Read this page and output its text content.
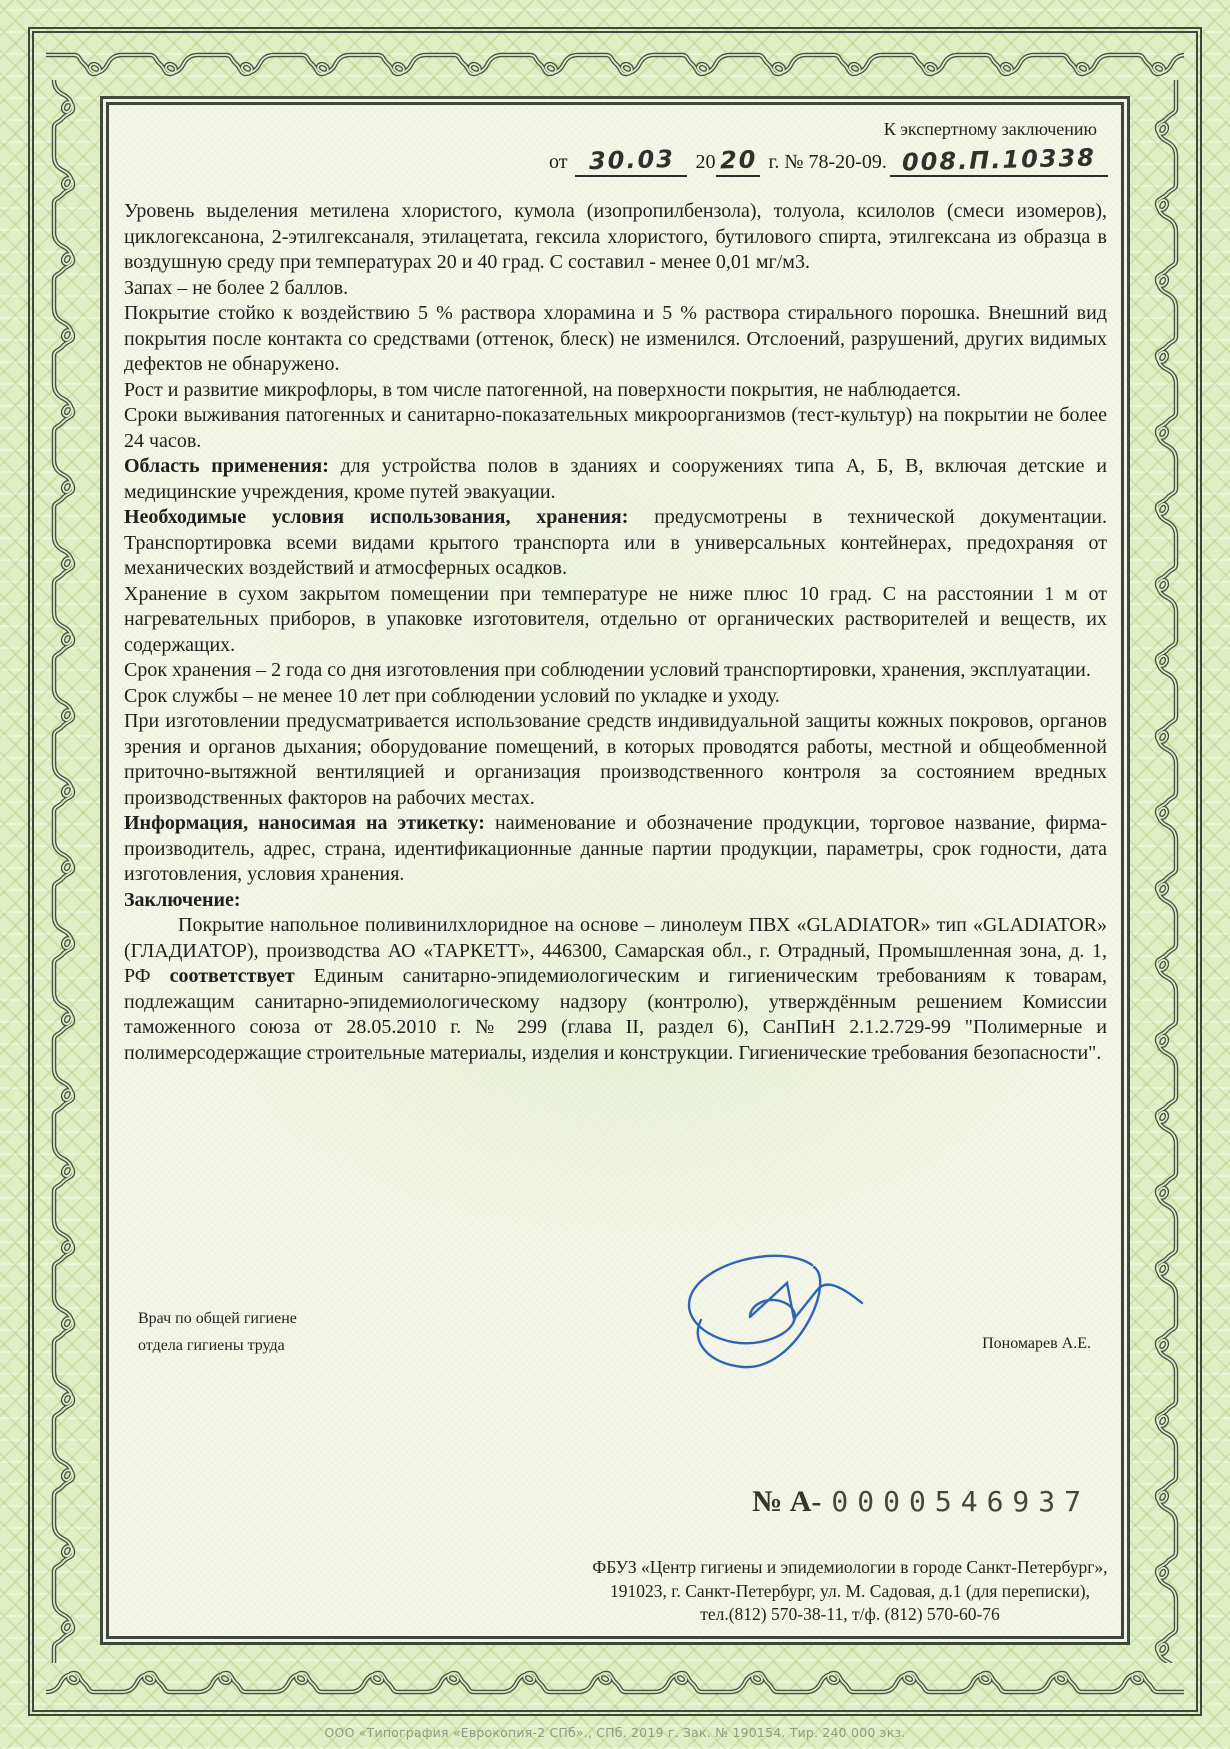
К экспертному заключению
от 30.03 20 20 г. № 78-20-09. 008.П.10338

Уровень выделения метилена хлористого, кумола (изопропилбензола), толуола, ксилолов (смеси изомеров), циклогексанона, 2-этилгексаналя, этилацетата, гексила хлористого, бутилового спирта, этилгексана из образца в воздушную среду при температурах 20 и 40 град. С составил - менее 0,01 мг/м3.

Запах – не более 2 баллов.

Покрытие стойко к воздействию 5 % раствора хлорамина и 5 % раствора стирального порошка. Внешний вид покрытия после контакта со средствами (оттенок, блеск) не изменился. Отслоений, разрушений, других видимых дефектов не обнаружено.

Рост и развитие микрофлоры, в том числе патогенной, на поверхности покрытия, не наблюдается.

Сроки выживания патогенных и санитарно-показательных микроорганизмов (тест-культур) на покрытии не более 24 часов.

Область применения: для устройства полов в зданиях и сооружениях типа А, Б, В, включая детские и медицинские учреждения, кроме путей эвакуации.

Необходимые условия использования, хранения: предусмотрены в технической документации. Транспортировка всеми видами крытого транспорта или в универсальных контейнерах, предохраняя от механических воздействий и атмосферных осадков.

Хранение в сухом закрытом помещении при температуре не ниже плюс 10 град. С на расстоянии 1 м от нагревательных приборов, в упаковке изготовителя, отдельно от органических растворителей и веществ, их содержащих.

Срок хранения – 2 года со дня изготовления при соблюдении условий транспортировки, хранения, эксплуатации.

Срок службы – не менее 10 лет при соблюдении условий по укладке и уходу.

При изготовлении предусматривается использование средств индивидуальной защиты кожных покровов, органов зрения и органов дыхания; оборудование помещений, в которых проводятся работы, местной и общеобменной приточно-вытяжной вентиляцией и организация производственного контроля за состоянием вредных производственных факторов на рабочих местах.

Информация, наносимая на этикетку: наименование и обозначение продукции, торговое название, фирма-производитель, адрес, страна, идентификационные данные партии продукции, параметры, срок годности, дата изготовления, условия хранения.

Заключение:

Покрытие напольное поливинилхлоридное на основе – линолеум ПВХ «GLADIATOR» тип «GLADIATOR» (ГЛАДИАТОР), производства АО «ТАРКЕТТ», 446300, Самарская обл., г. Отрадный, Промышленная зона, д. 1, РФ соответствует Единым санитарно-эпидемиологическим и гигиеническим требованиям к товарам, подлежащим санитарно-эпидемиологическому надзору (контролю), утверждённым решением Комиссии таможенного союза от 28.05.2010 г. № 299 (глава II, раздел 6), СанПиН 2.1.2.729-99 "Полимерные и полимерсодержащие строительные материалы, изделия и конструкции. Гигиенические требования безопасности".

Врач по общей гигиене

отдела гигиены труда	Пономарев А.Е.
№ А- 0000546937

ФБУЗ «Центр гигиены и эпидемиологии в городе Санкт-Петербург»,

191023, г. Санкт-Петербург, ул. М. Садовая, д.1 (для переписки),

тел.(812) 570-38-11, т/ф. (812) 570-60-76

ООО «Типография «Еврокопия-2 СПб»., СПб. 2019 г. Зак. № 190154. Тир. 240 000 экз.
